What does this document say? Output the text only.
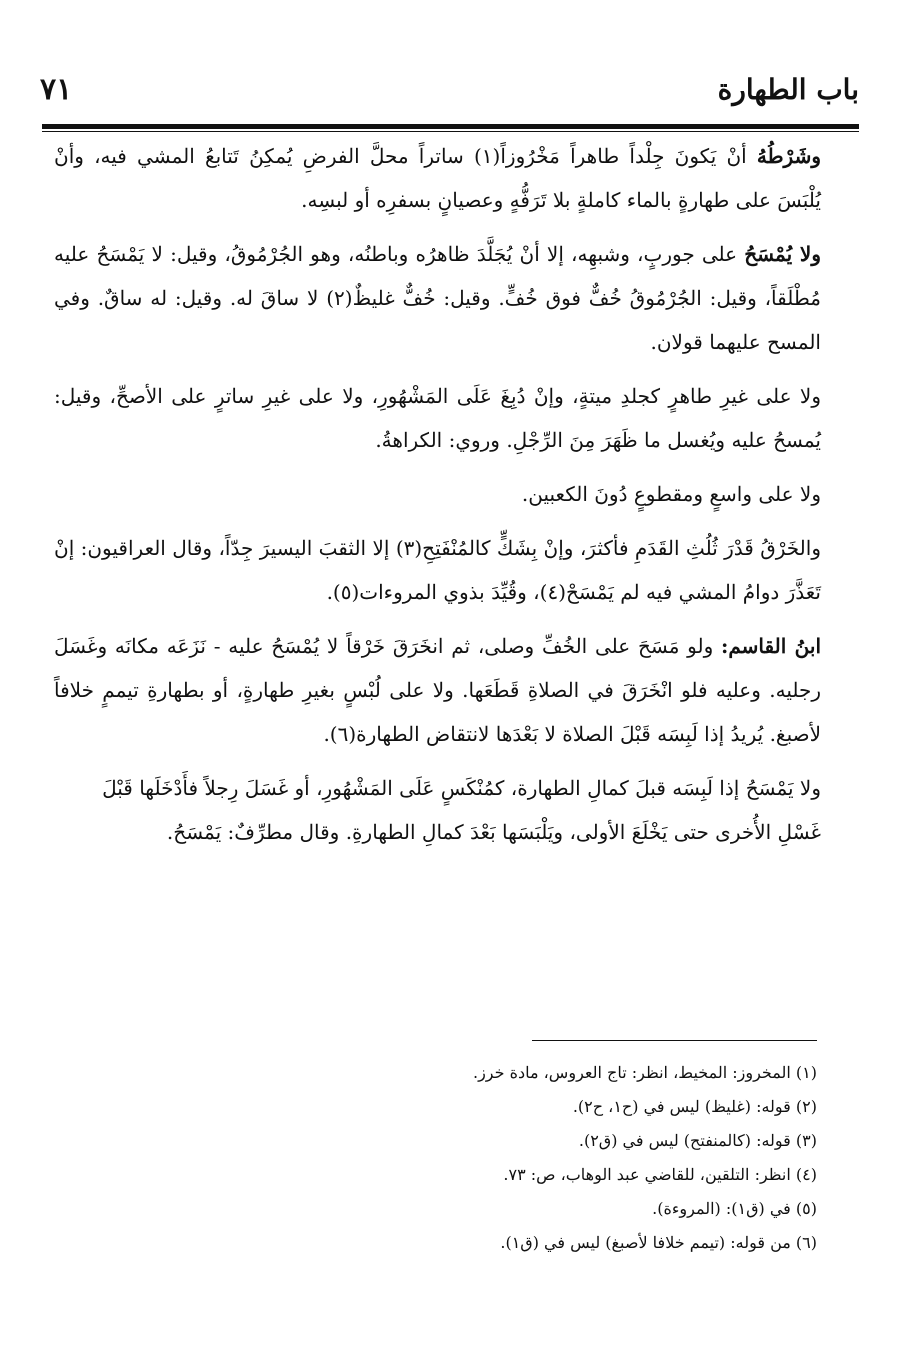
باب الطهارة
٧١

وشَرْطُهُ أنْ يَكونَ جِلْداً طاهراً مَخْرُوزاً(١) ساتراً محلَّ الفرضِ يُمكِنُ تَتابعُ المشي فيه، وأنْ يُلْبَسَ على طهارةٍ بالماء كاملةٍ بلا تَرَفُّهٍ وعصيانٍ بسفرِه أو لبسِه.

ولا يُمْسَحُ على جوربٍ، وشبهِه، إلا أنْ يُجَلَّدَ ظاهرُه وباطنُه، وهو الجُرْمُوقُ، وقيل: لا يَمْسَحُ عليه مُطْلَقاً، وقيل: الجُرْمُوقُ خُفٌّ فوق خُفٍّ. وقيل: خُفٌّ غليظٌ(٢) لا ساقَ له. وقيل: له ساقٌ. وفي المسح عليهما قولان.

ولا على غيرِ طاهرٍ كجلدِ ميتةٍ، وإنْ دُبِغَ عَلَى المَشْهُورِ، ولا على غيرِ ساترٍ على الأصحِّ، وقيل: يُمسحُ عليه ويُغسل ما ظَهَرَ مِنَ الرِّجْلِ. وروي: الكراهةُ.

ولا على واسعٍ ومقطوعٍ دُونَ الكعبين.

والخَرْقُ قَدْرَ ثُلُثِ القَدَمِ فأكثرَ، وإنْ بِشَكٍّ كالمُنْفَتِحِ(٣) إلا الثقبَ اليسيرَ جِدّاً، وقال العراقيون: إنْ تَعَذَّرَ دوامُ المشي فيه لم يَمْسَحْ(٤)، وقُيِّدَ بذوي المروءات(٥).

ابنُ القاسم: ولو مَسَحَ على الخُفِّ وصلى، ثم انخَرَقَ خَرْقاً لا يُمْسَحُ عليه - نَزَعَه مكانَه وغَسَلَ رجليه. وعليه فلو انْخَرَقَ في الصلاةِ قَطَعَها. ولا على لُبْسٍ بغيرِ طهارةٍ، أو بطهارةِ تيممٍ خلافاً لأصبغ. يُريدُ إذا لَبِسَه قَبْلَ الصلاة لا بَعْدَها لانتقاض الطهارة(٦).

ولا يَمْسَحُ إذا لَبِسَه قبلَ كمالِ الطهارة، كمُنْكَسٍ عَلَى المَشْهُورِ، أو غَسَلَ رِجلاً فأَدْخَلَها قَبْلَ غَسْلِ الأُخرى حتى يَخْلَعَ الأولى، ويَلْبَسَها بَعْدَ كمالِ الطهارةِ. وقال مطرِّفٌ: يَمْسَحُ.

(١) المخروز: المخيط، انظر: تاج العروس، مادة خرز.
(٢) قوله: (غليظ) ليس في (ح١، ح٢).
(٣) قوله: (كالمنفتح) ليس في (ق٢).
(٤) انظر: التلقين، للقاضي عبد الوهاب، ص: ٧٣.
(٥) في (ق١): (المروءة).
(٦) من قوله: (تيمم خلافا لأصبغ) ليس في (ق١).
